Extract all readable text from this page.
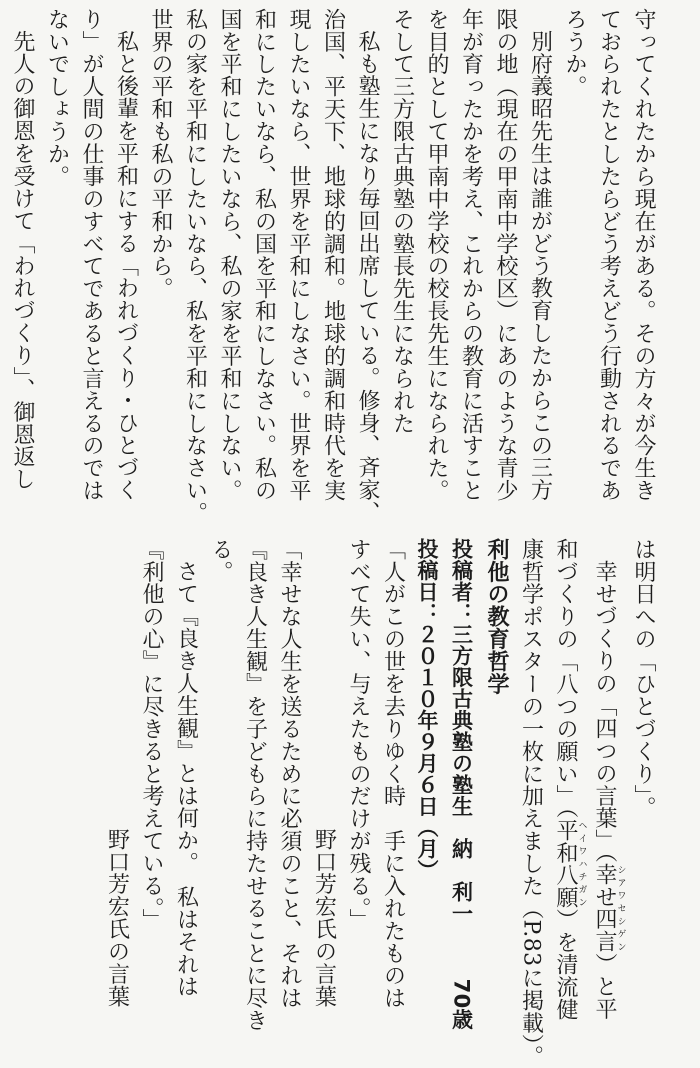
守ってくれたから現在がある。その方々が今生き
ておられたとしたらどう考えどう行動されるであ
ろうか。
別府義昭先生は誰がどう教育したからこの三方
限の地（現在の甲南中学校区）にあのような青少
年が育ったかを考え、これからの教育に活すこと
を目的として甲南中学校の校長先生になられた。
そして三方限古典塾の塾長先生になられた
私も塾生になり毎回出席している。修身、斉家、
治国、平天下、地球的調和。地球的調和時代を実
現したいなら、世界を平和にしなさい。世界を平
和にしたいなら、私の国を平和にしなさい。私の
国を平和にしたいなら、私の家を平和にしない。
私の家を平和にしたいなら、私を平和にしなさい。
世界の平和も私の平和から。
私と後輩を平和にする「われづくり・ひとづく
り」が人間の仕事のすべてであると言えるのでは
ないでしょうか。
先人の御恩を受けて「われづくり」、御恩返し
は明日への「ひとづくり」。
幸せづくりの「四つの言葉」（幸せ四言シアワセシゲン）と平
和づくりの「八つの願い」（平和八願ヘイワハチガン）を清流健
康哲学ポスターの一枚に加えました（P.83に掲載）。
利他の教育哲学
投稿者：三方限古典塾の塾生　納　利一70歳
投稿日：２０１０年９月６日（月）
「人がこの世を去りゆく時　手に入れたものは
すべて失い、与えたものだけが残る。」
野口芳宏氏の言葉
「幸せな人生を送るために必須のこと、それは
『良き人生観』を子どもらに持たせることに尽き
る。
さて『良き人生観』とは何か。　私はそれは
『利他の心』に尽きると考えている。」
野口芳宏氏の言葉
